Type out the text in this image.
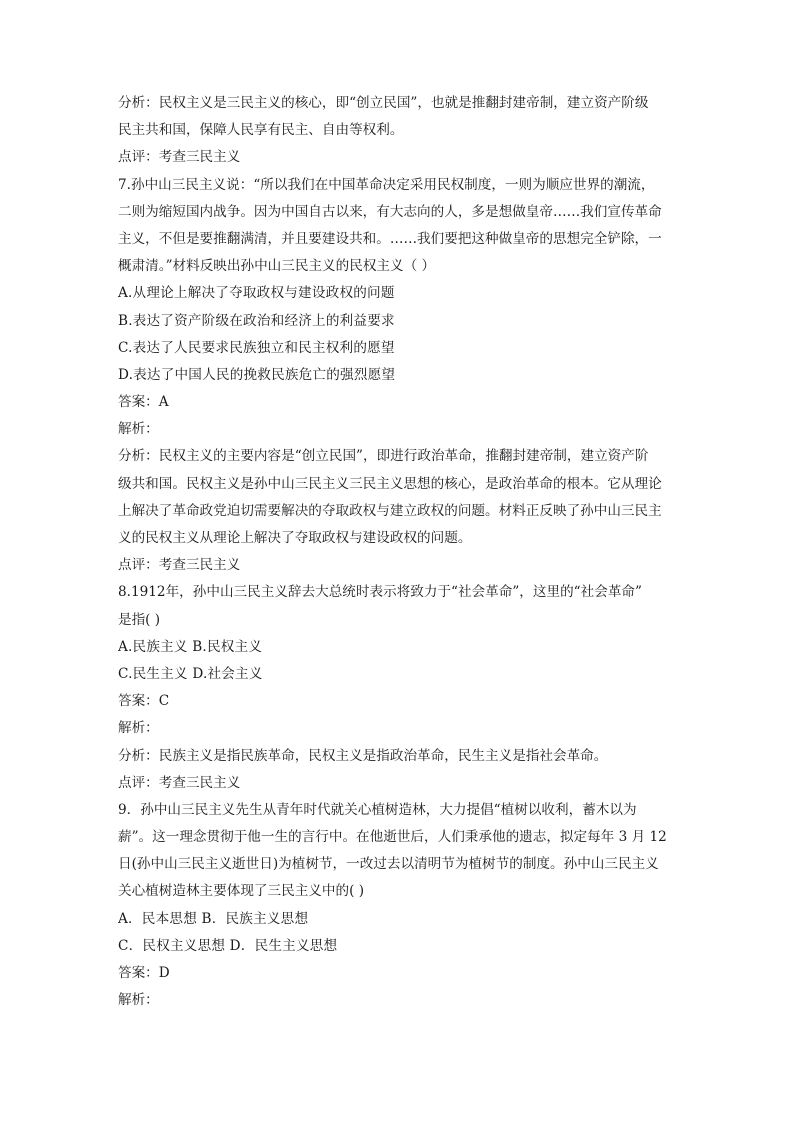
分析：民权主义是三民主义的核心，即“创立民国”，也就是推翻封建帝制，建立资产阶级
民主共和国，保障人民享有民主、自由等权利。
点评：考查三民主义
7.孙中山三民主义说：“所以我们在中国革命决定采用民权制度，一则为顺应世界的潮流，
二则为缩短国内战争。因为中国自古以来，有大志向的人，多是想做皇帝……我们宣传革命
主义，不但是要推翻满清，并且要建设共和。……我们要把这种做皇帝的思想完全铲除，一
概肃清。”材料反映出孙中山三民主义的民权主义（ ）
A.从理论上解决了夺取政权与建设政权的问题
B.表达了资产阶级在政治和经济上的利益要求
C.表达了人民要求民族独立和民主权利的愿望
D.表达了中国人民的挽救民族危亡的强烈愿望
答案：A
解析：
分析：民权主义的主要内容是“创立民国”，即进行政治革命，推翻封建帝制，建立资产阶
级共和国。民权主义是孙中山三民主义三民主义思想的核心，是政治革命的根本。它从理论
上解决了革命政党迫切需要解决的夺取政权与建立政权的问题。材料正反映了孙中山三民主
义的民权主义从理论上解决了夺取政权与建设政权的问题。
点评：考查三民主义
8.1912年，孙中山三民主义辞去大总统时表示将致力于“社会革命”，这里的“社会革命”
是指( )
A.民族主义 B.民权主义
C.民生主义 D.社会主义
答案：C
解析：
分析：民族主义是指民族革命，民权主义是指政治革命，民生主义是指社会革命。
点评：考查三民主义
9．孙中山三民主义先生从青年时代就关心植树造林，大力提倡“植树以收利，蓄木以为
薪”。这一理念贯彻于他一生的言行中。在他逝世后，人们秉承他的遗志，拟定每年 3 月 12
日(孙中山三民主义逝世日)为植树节，一改过去以清明节为植树节的制度。孙中山三民主义
关心植树造林主要体现了三民主义中的( )
A．民本思想 B．民族主义思想
C．民权主义思想 D．民生主义思想
答案：D
解析：
